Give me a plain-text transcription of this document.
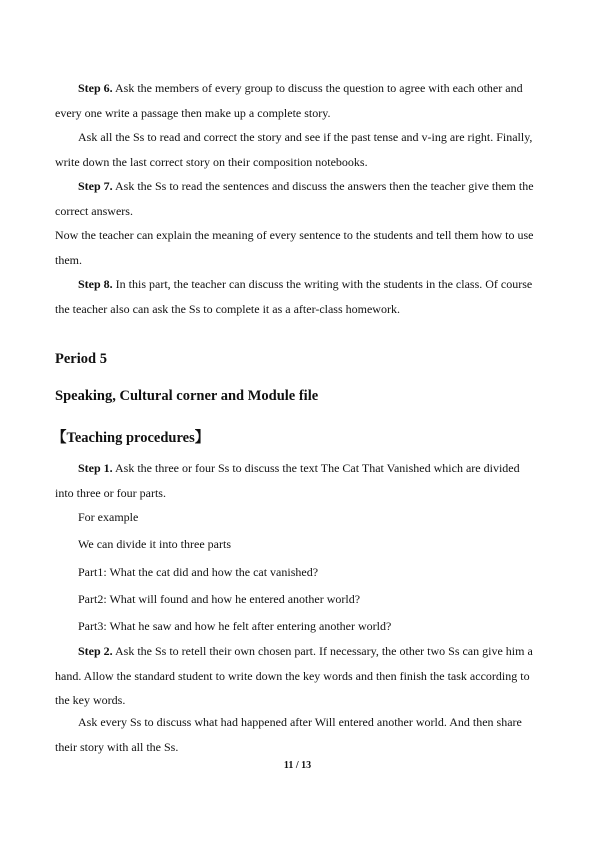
Step 6. Ask the members of every group to discuss the question to agree with each other and every one write a passage then make up a complete story.

Ask all the Ss to read and correct the story and see if the past tense and v-ing are right. Finally, write down the last correct story on their composition notebooks.

Step 7. Ask the Ss to read the sentences and discuss the answers then the teacher give them the correct answers.

Now the teacher can explain the meaning of every sentence to the students and tell them how to use them.

Step 8. In this part, the teacher can discuss the writing with the students in the class. Of course the teacher also can ask the Ss to complete it as a after-class homework.

Period 5

Speaking, Cultural corner and Module file

【Teaching procedures】

Step 1. Ask the three or four Ss to discuss the text The Cat That Vanished which are divided into three or four parts.

For example

We can divide it into three parts

Part1: What the cat did and how the cat vanished?

Part2: What will found and how he entered another world?

Part3: What he saw and how he felt after entering another world?

Step 2. Ask the Ss to retell their own chosen part. If necessary, the other two Ss can give him a hand. Allow the standard student to write down the key words and then finish the task according to the key words.

Ask every Ss to discuss what had happened after Will entered another world. And then share their story with all the Ss.

11 / 13
